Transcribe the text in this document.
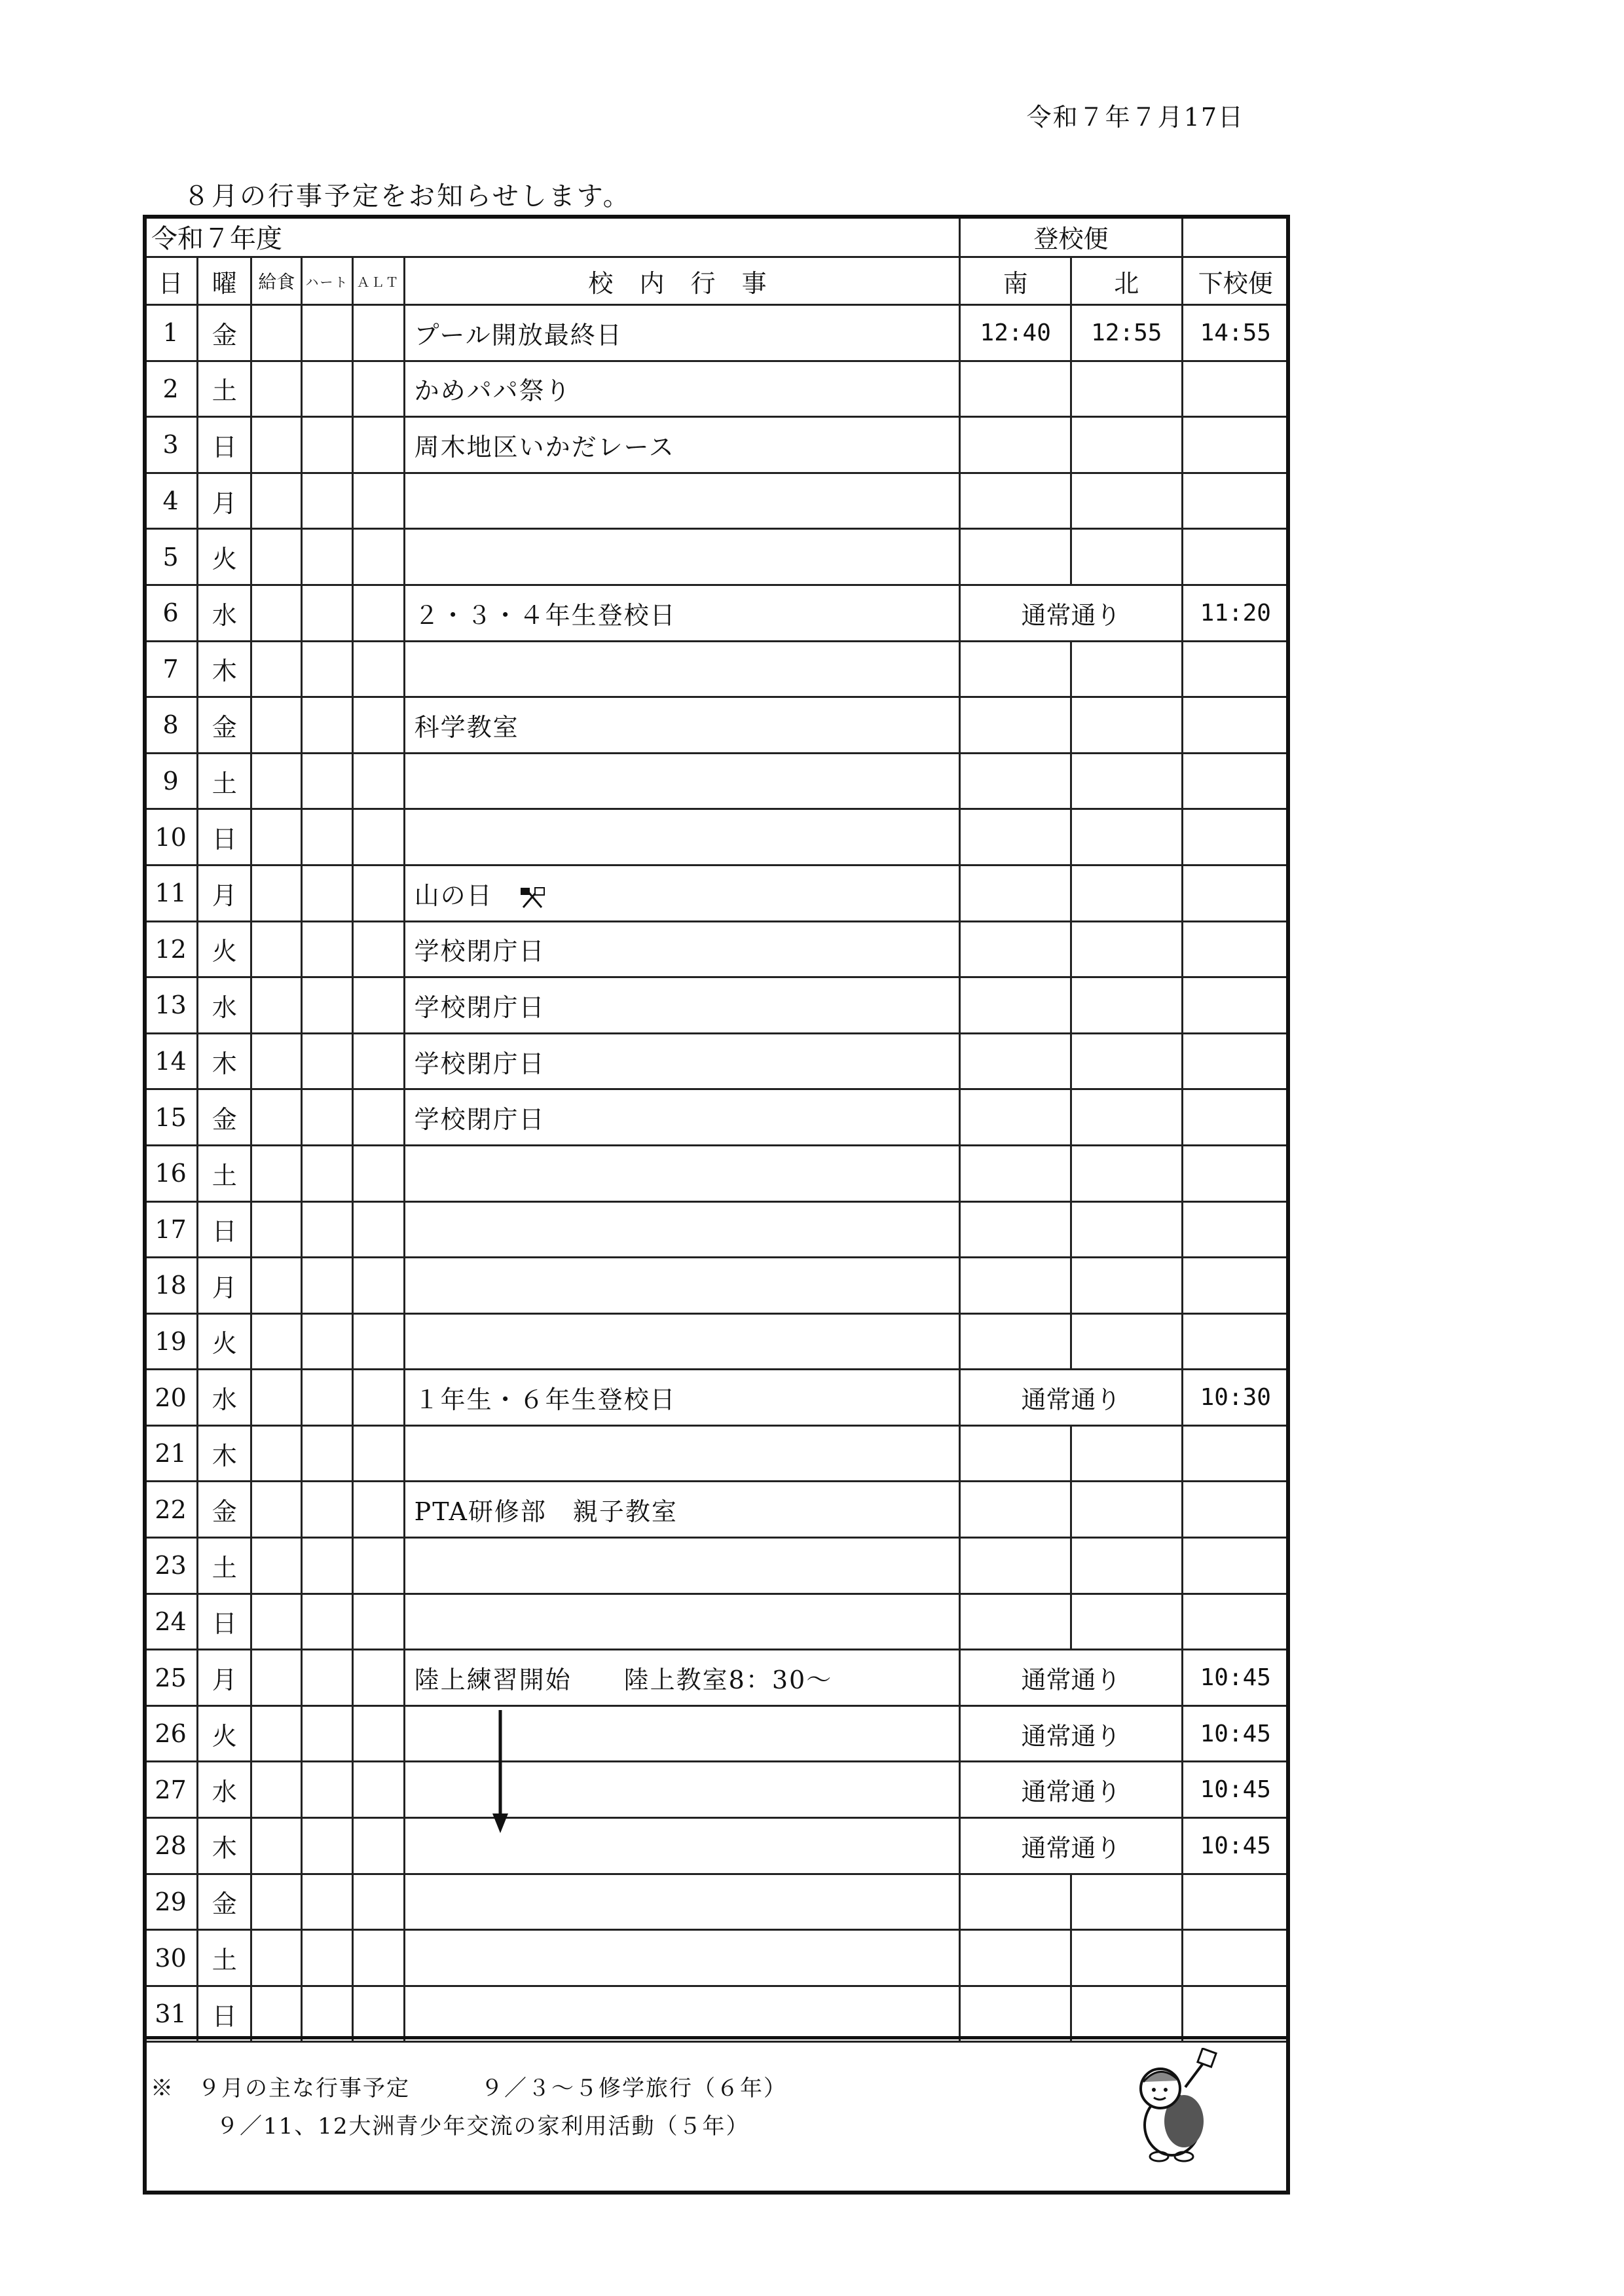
令和７年７月17日
８月の行事予定をお知らせします。
令和７年度						登校便		
日	曜	給食	ハート	ＡＬＴ	校 内 行 事	南	北	下校便
1	金				プール開放最終日	12:40	12:55	14:55
2	土				かめパパ祭り			
3	日				周木地区いかだレース			
4	月							
5	火							
6	水				２・３・４年生登校日	通常通り		11:20
7	木							
8	金				科学教室			
9	土							
10	日							
11	月				山の日			
12	火				学校閉庁日			
13	水				学校閉庁日			
14	木				学校閉庁日			
15	金				学校閉庁日			
16	土							
17	日							
18	月							
19	火							
20	水				１年生・６年生登校日	通常通り		10:30
21	木							
22	金				PTA研修部　親子教室			
23	土							
24	日							
25	月				陸上練習開始　　陸上教室8：30〜	通常通り		10:45
26	火					通常通り		10:45
27	水					通常通り		10:45
28	木					通常通り		10:45
29	金							
30	土							
31	日							
※　９月の主な行事予定　　　９／３〜５修学旅行（６年）
９／11、12大洲青少年交流の家利用活動（５年）
